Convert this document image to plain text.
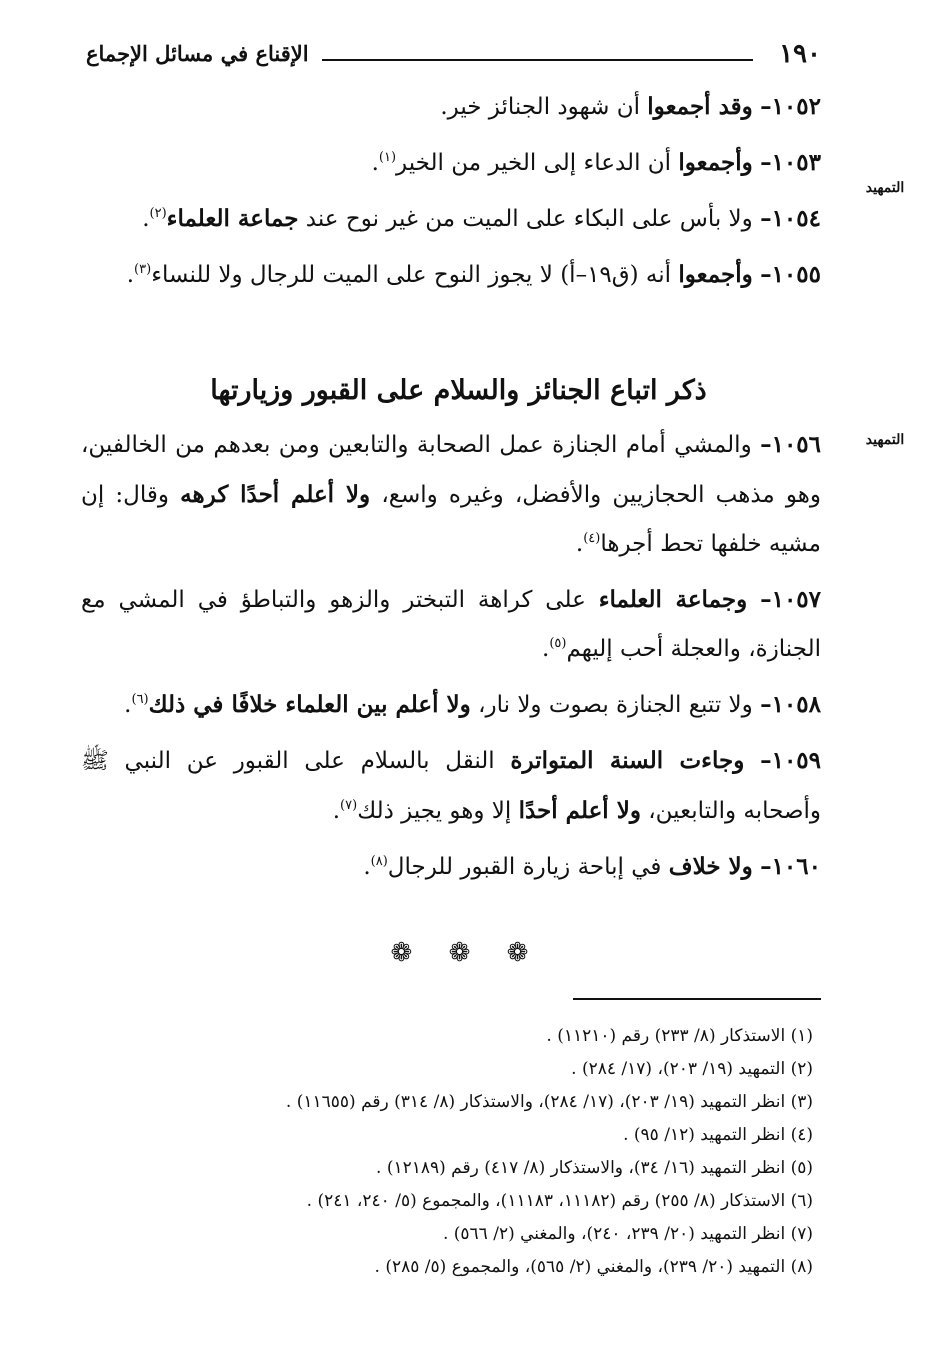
١٩٠
الإقناع في مسائل الإجماع
التمهيد
التمهيد

١٠٥٢– وقد أجمعوا أن شهود الجنائز خير.

١٠٥٣– وأجمعوا أن الدعاء إلى الخير من الخير$^{(١)}$.

١٠٥٤– ولا بأس على البكاء على الميت من غير نوح عند جماعة العلماء$^{(٢)}$.

١٠٥٥– وأجمعوا أنه (ق١٩–أ) لا يجوز النوح على الميت للرجال ولا للنساء$^{(٣)}$.

ذكر اتباع الجنائز والسلام على القبور وزيارتها

١٠٥٦– والمشي أمام الجنازة عمل الصحابة والتابعين ومن بعدهم من الخالفين، وهو مذهب الحجازيين والأفضل، وغيره واسع، ولا أعلم أحدًا كرهه وقال: إن مشيه خلفها تحط أجرها$^{(٤)}$.

١٠٥٧– وجماعة العلماء على كراهة التبختر والزهو والتباطؤ في المشي مع الجنازة، والعجلة أحب إليهم$^{(٥)}$.

١٠٥٨– ولا تتبع الجنازة بصوت ولا نار، ولا أعلم بين العلماء خلافًا في ذلك$^{(٦)}$.

١٠٥٩– وجاءت السنة المتواترة النقل بالسلام على القبور عن النبي ﷺ وأصحابه والتابعين، ولا أعلم أحدًا إلا وهو يجيز ذلك$^{(٧)}$.

١٠٦٠– ولا خلاف في إباحة زيارة القبور للرجال$^{(٨)}$.

❁ ❁ ❁
(١) الاستذكار (٨/ ٢٣٣) رقم (١١٢١٠) .
(٢) التمهيد (١٩/ ٢٠٣)، (١٧/ ٢٨٤) .
(٣) انظر التمهيد (١٩/ ٢٠٣)، (١٧/ ٢٨٤)، والاستذكار (٨/ ٣١٤) رقم (١١٦٥٥) .
(٤) انظر التمهيد (١٢/ ٩٥) .
(٥) انظر التمهيد (١٦/ ٣٤)، والاستذكار (٨/ ٤١٧) رقم (١٢١٨٩) .
(٦) الاستذكار (٨/ ٢٥٥) رقم (١١١٨٢، ١١١٨٣)، والمجموع (٥/ ٢٤٠، ٢٤١) .
(٧) انظر التمهيد (٢٠/ ٢٣٩، ٢٤٠)، والمغني (٢/ ٥٦٦) .
(٨) التمهيد (٢٠/ ٢٣٩)، والمغني (٢/ ٥٦٥)، والمجموع (٥/ ٢٨٥) .
